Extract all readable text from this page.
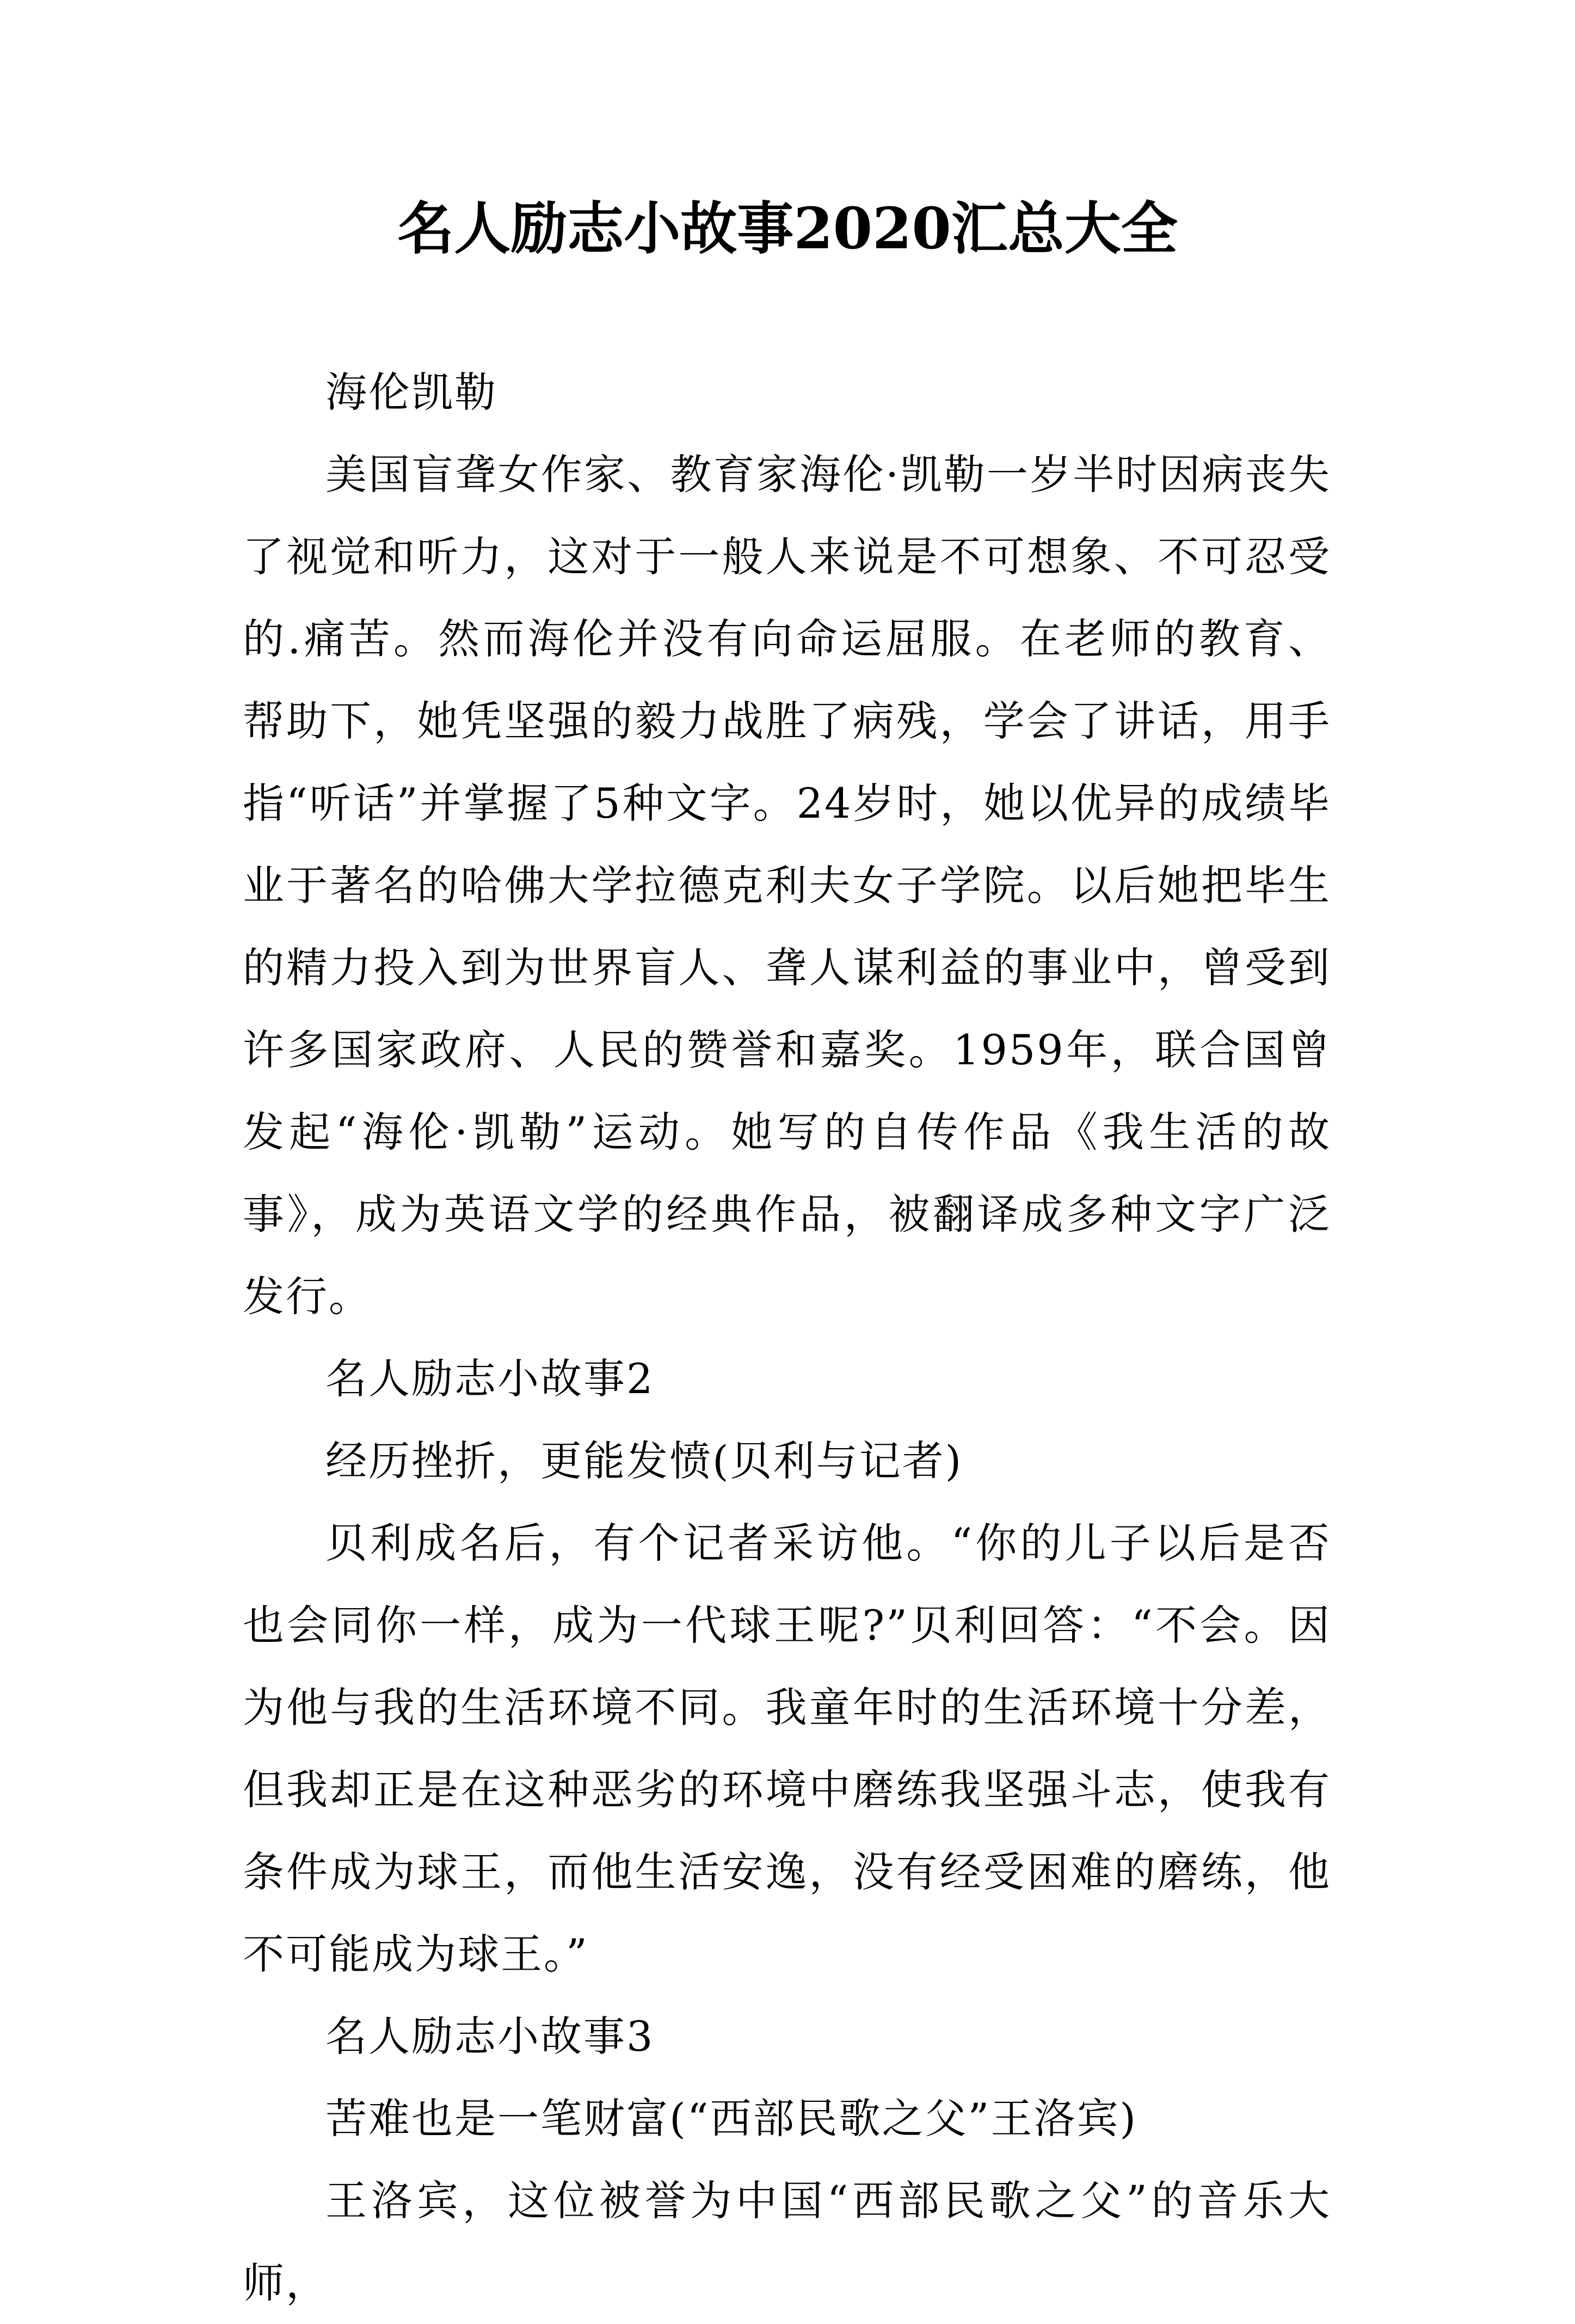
名人励志小故事2020汇总大全

海伦凯勒

美国盲聋女作家、教育家海伦·凯勒一岁半时因病丧失了视觉和听力，这对于一般人来说是不可想象、不可忍受的.痛苦。然而海伦并没有向命运屈服。在老师的教育、帮助下，她凭坚强的毅力战胜了病残，学会了讲话，用手指“听话”并掌握了5种文字。24岁时，她以优异的成绩毕业于著名的哈佛大学拉德克利夫女子学院。以后她把毕生的精力投入到为世界盲人、聋人谋利益的事业中，曾受到许多国家政府、人民的赞誉和嘉奖。1959年，联合国曾发起“海伦·凯勒”运动。她写的自传作品《我生活的故事》，成为英语文学的经典作品，被翻译成多种文字广泛发行。

名人励志小故事2

经历挫折，更能发愤(贝利与记者)

贝利成名后，有个记者采访他。“你的儿子以后是否也会同你一样，成为一代球王呢?”贝利回答：“不会。因为他与我的生活环境不同。我童年时的生活环境十分差，但我却正是在这种恶劣的环境中磨练我坚强斗志，使我有条件成为球王，而他生活安逸，没有经受困难的磨练，他不可能成为球王。”

名人励志小故事3

苦难也是一笔财富(“西部民歌之父”王洛宾)

王洛宾，这位被誉为中国“西部民歌之父”的音乐大师，
